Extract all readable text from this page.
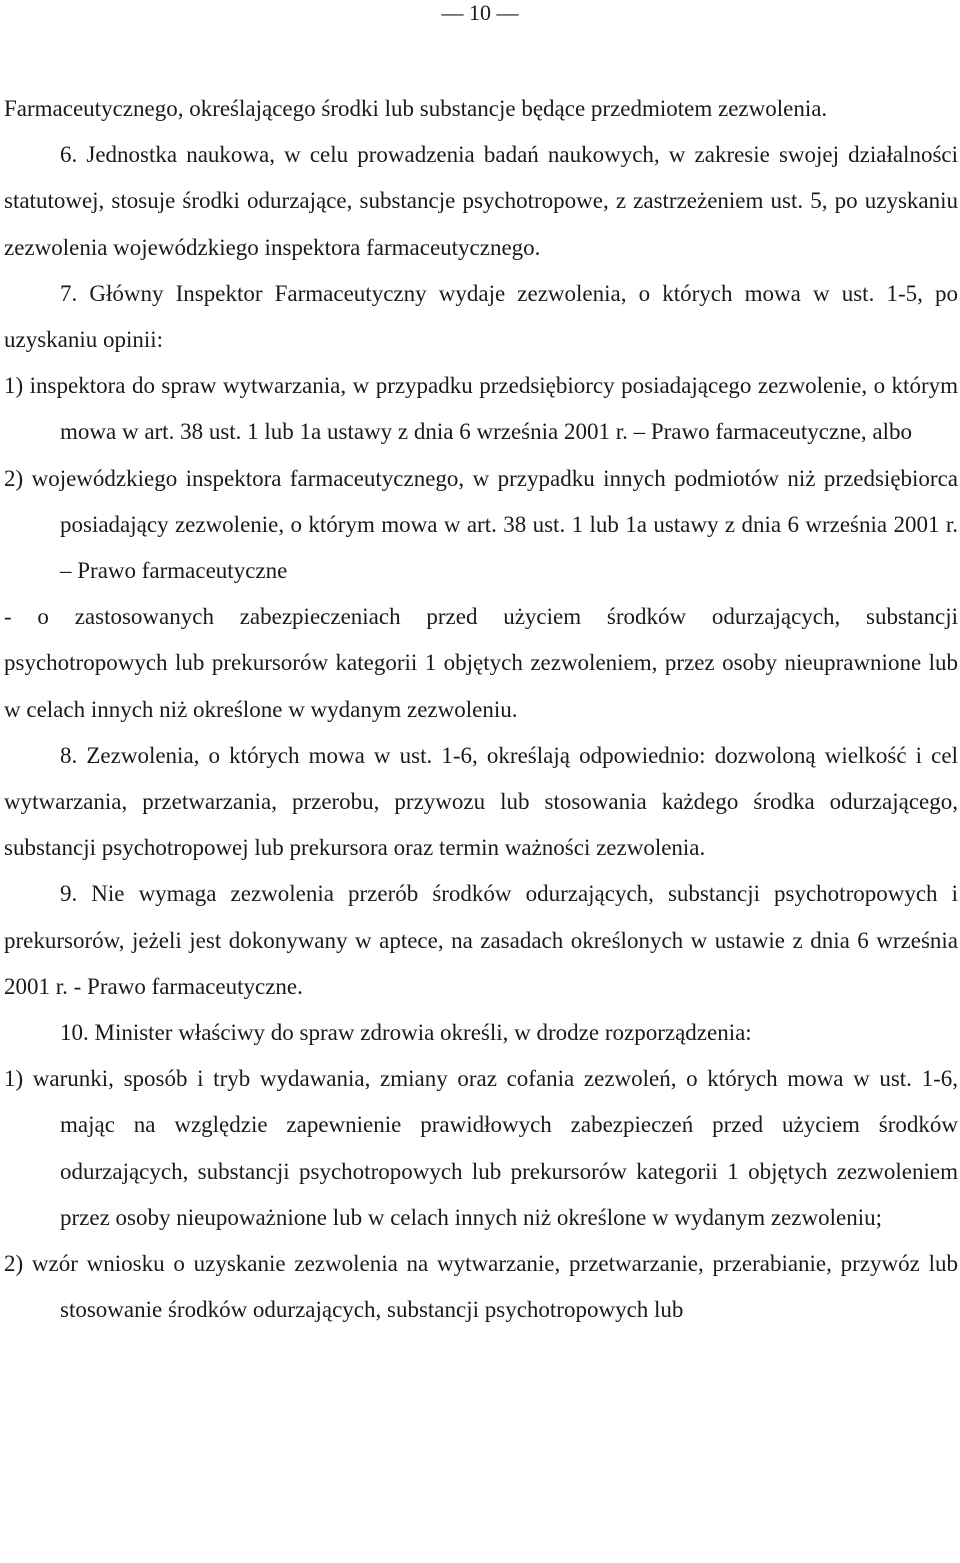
— 10 —

Farmaceutycznego, określającego środki lub substancje będące przedmiotem zezwolenia.

6. Jednostka naukowa, w celu prowadzenia badań naukowych, w zakresie swojej działalności statutowej, stosuje środki odurzające, substancje psychotropowe, z zastrzeżeniem ust. 5, po uzyskaniu zezwolenia wojewódzkiego inspektora farmaceutycznego.

7. Główny Inspektor Farmaceutyczny wydaje zezwolenia, o których mowa w ust. 1-5, po uzyskaniu opinii:

1) inspektora do spraw wytwarzania, w przypadku przedsiębiorcy posiadającego zezwolenie, o którym mowa w art. 38 ust. 1 lub 1a ustawy z dnia 6 września 2001 r. – Prawo farmaceutyczne, albo

2) wojewódzkiego inspektora farmaceutycznego, w przypadku innych podmiotów niż przedsiębiorca posiadający zezwolenie, o którym mowa w art. 38 ust. 1 lub 1a ustawy z dnia 6 września 2001 r. – Prawo farmaceutyczne

- o zastosowanych zabezpieczeniach przed użyciem środków odurzających, substancji psychotropowych lub prekursorów kategorii 1 objętych zezwoleniem, przez osoby nieuprawnione lub w celach innych niż określone w wydanym zezwoleniu.

8. Zezwolenia, o których mowa w ust. 1-6, określają odpowiednio: dozwoloną wielkość i cel wytwarzania, przetwarzania, przerobu, przywozu lub stosowania każdego środka odurzającego, substancji psychotropowej lub prekursora oraz termin ważności zezwolenia.

9. Nie wymaga zezwolenia przerób środków odurzających, substancji psychotropowych i prekursorów, jeżeli jest dokonywany w aptece, na zasadach określonych w ustawie z dnia 6 września 2001 r. - Prawo farmaceutyczne.

10. Minister właściwy do spraw zdrowia określi, w drodze rozporządzenia:

1) warunki, sposób i tryb wydawania, zmiany oraz cofania zezwoleń, o których mowa w ust. 1-6, mając na względzie zapewnienie prawidłowych zabezpieczeń przed użyciem środków odurzających, substancji psychotropowych lub prekursorów kategorii 1 objętych zezwoleniem przez osoby nieupoważnione lub w celach innych niż określone w wydanym zezwoleniu;

2) wzór wniosku o uzyskanie zezwolenia na wytwarzanie, przetwarzanie, przerabianie, przywóz lub stosowanie środków odurzających, substancji psychotropowych lub
